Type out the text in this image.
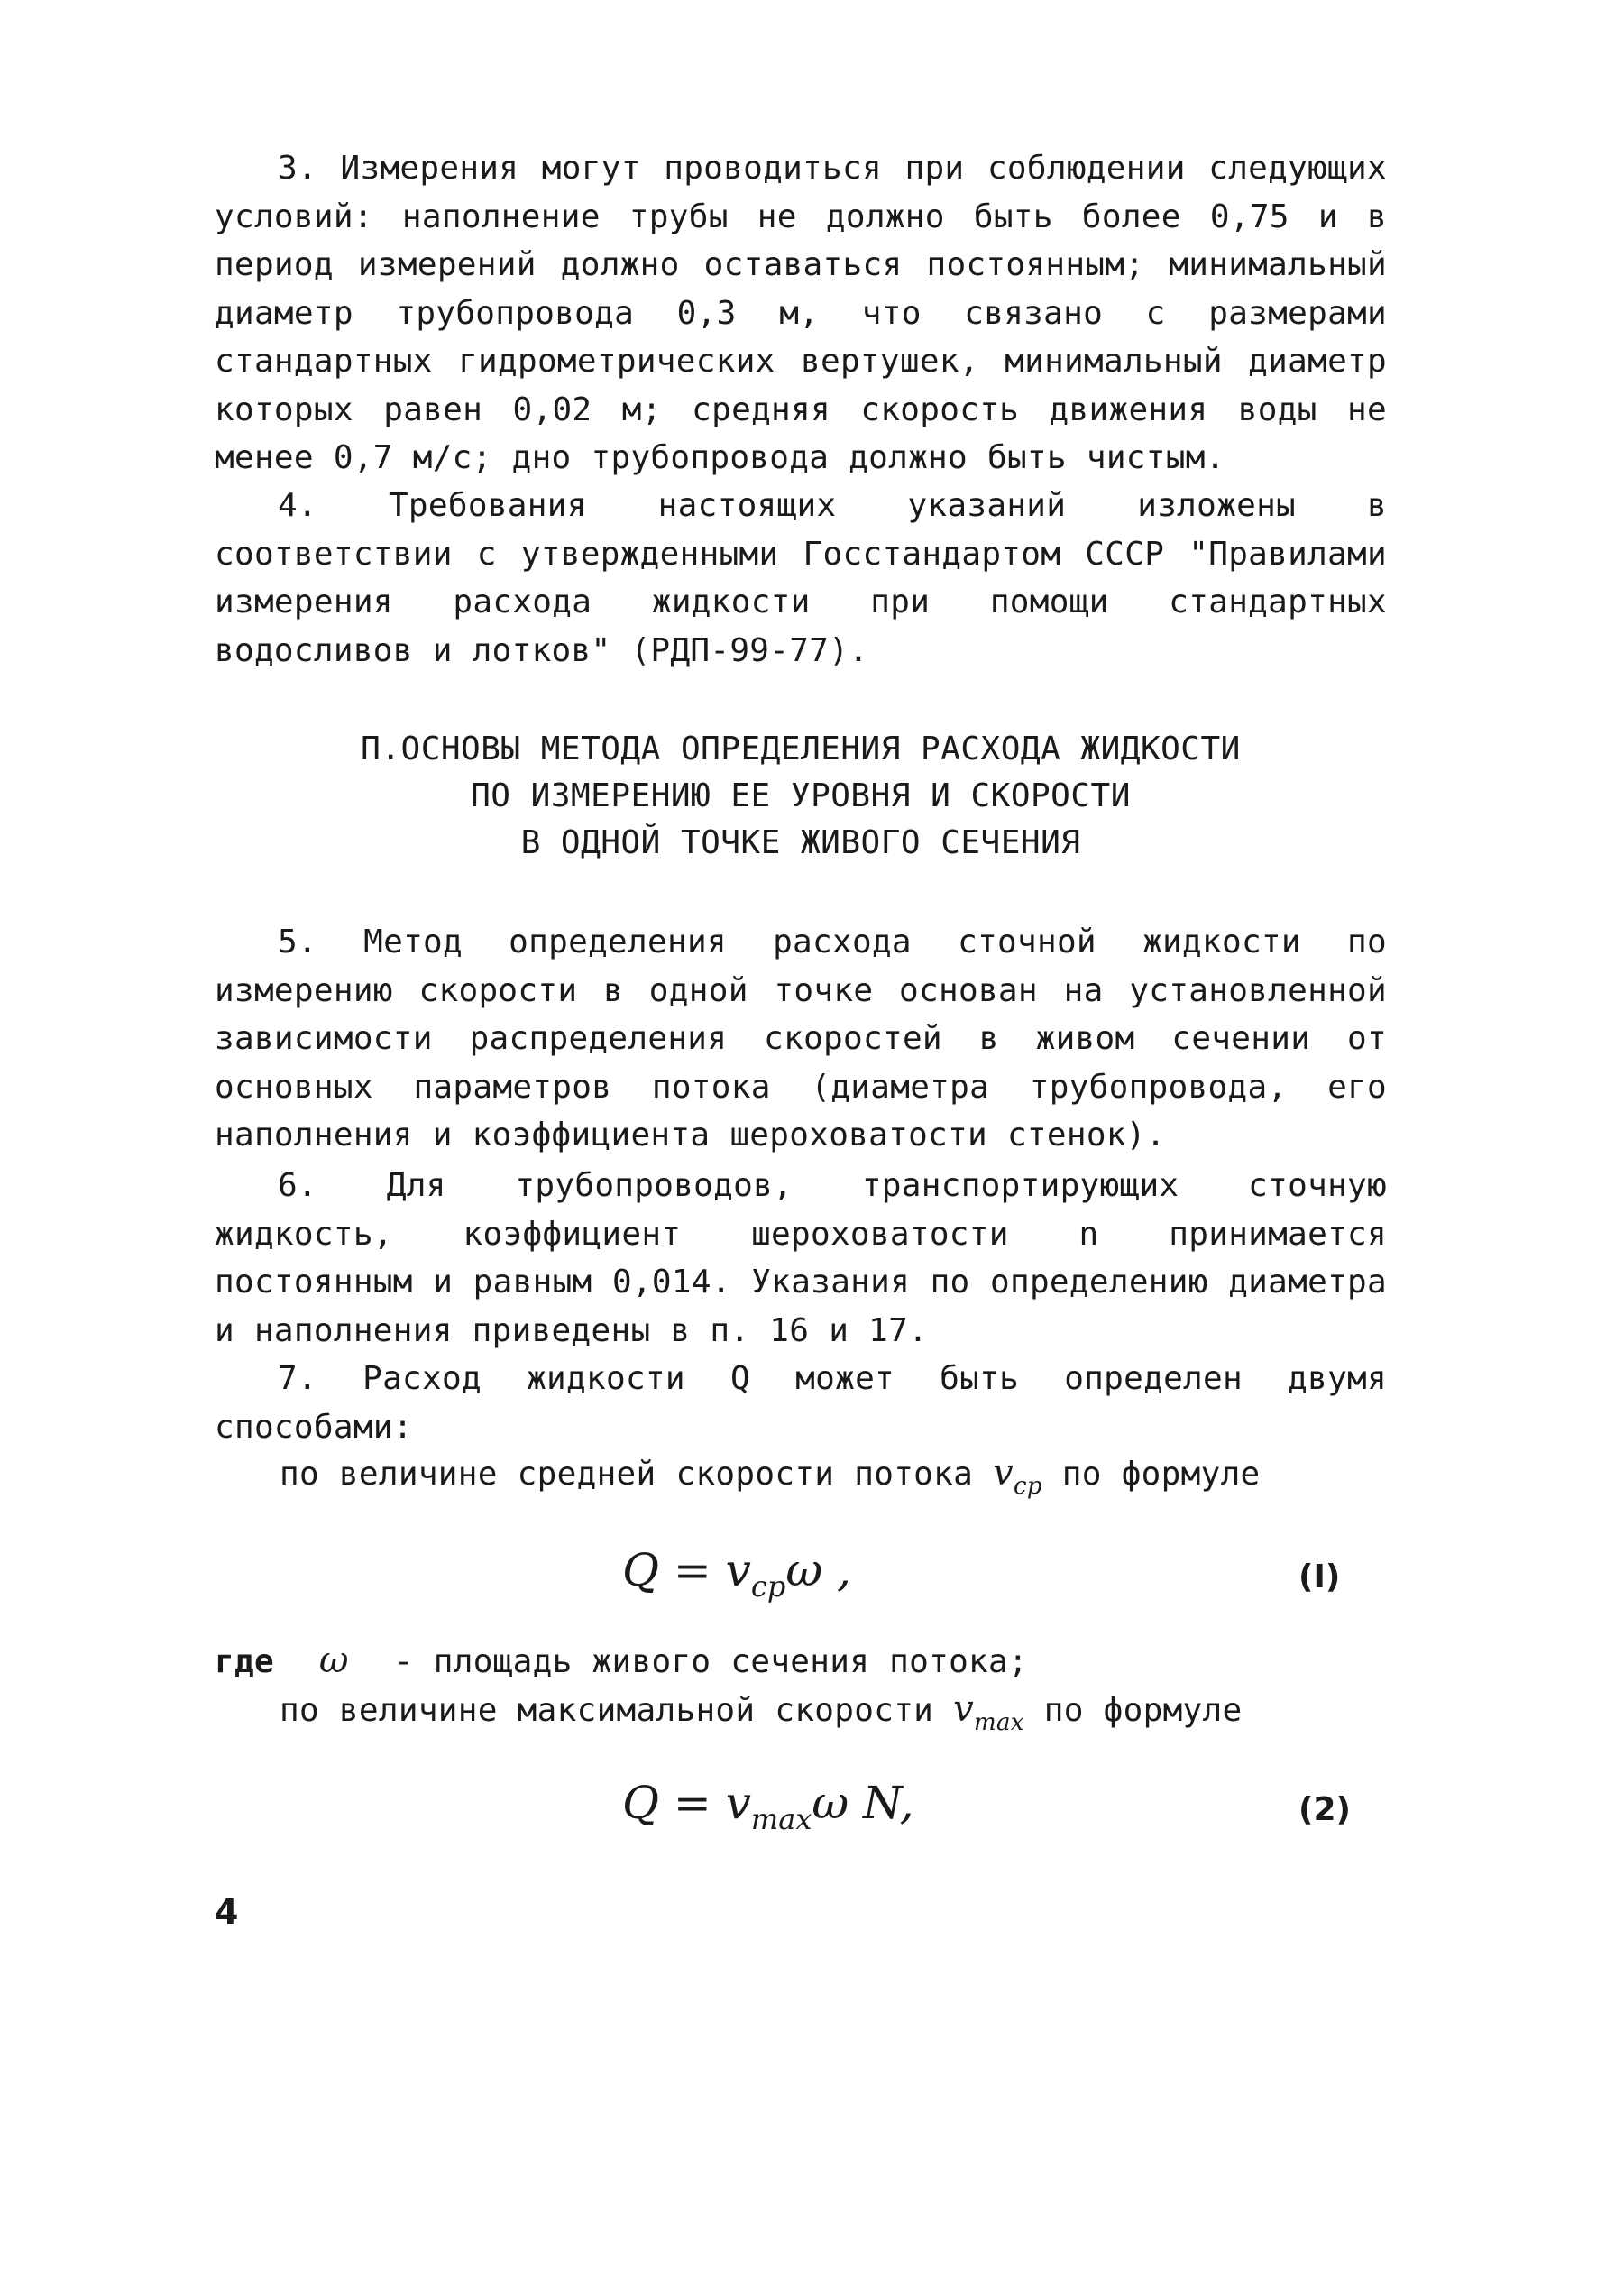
3. Измерения могут проводиться при соблюдении следующих условий: наполнение трубы не должно быть более 0,75 и в период измерений должно оставаться постоянным; минимальный диаметр трубопровода 0,3 м, что связано с размерами стандартных гидрометрических вертушек, минимальный диаметр которых равен 0,02 м; средняя скорость движения воды не менее 0,7 м/с; дно трубопровода должно быть чистым.
4. Требования настоящих указаний изложены в соответствии с утвержденными Госстандартом СССР "Правилами измерения расхода жидкости при помощи стандартных водосливов и лотков" (РДП-99-77).
П.ОСНОВЫ МЕТОДА ОПРЕДЕЛЕНИЯ РАСХОДА ЖИДКОСТИ
ПО ИЗМЕРЕНИЮ ЕЕ УРОВНЯ И СКОРОСТИ
В ОДНОЙ ТОЧКЕ ЖИВОГО СЕЧЕНИЯ
5. Метод определения расхода сточной жидкости по измерению скорости в одной точке основан на установленной зависимости распределения скоростей в живом сечении от основных параметров потока (диаметра трубопровода, его наполнения и коэффициента шероховатости стенок).
6. Для трубопроводов, транспортирующих сточную жидкость, коэффициент шероховатости n принимается постоянным и равным 0,014. Указания по определению диаметра и наполнения приведены в п. 16 и 17.
7. Расход жидкости Q может быть определен двумя способами:
по величине средней скорости потока $v_{ср}$ по формуле
$Q = v_{ср}\omega$ ,	(I)
где ω - площадь живого сечения потока;
по величине максимальной скорости $v_{max}$ по формуле
$Q = v_{max}\omega$ N,	(2)
4
